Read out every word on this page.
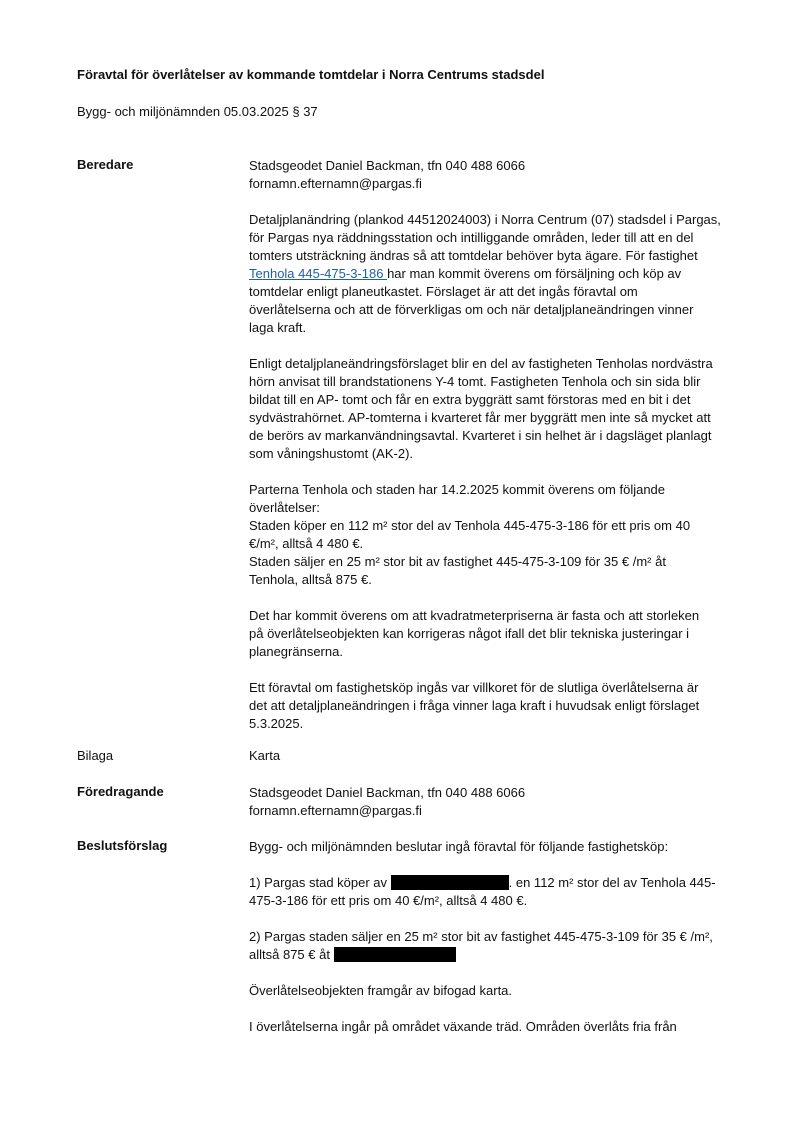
Föravtal för överlåtelser av kommande tomtdelar i Norra Centrums stadsdel
Bygg- och miljönämnden 05.03.2025 § 37
Beredare	Stadsgeodet Daniel Backman, tfn 040 488 6066
fornamn.efternamn@pargas.fi
Detaljplanändring (plankod 44512024003) i Norra Centrum (07) stadsdel i Pargas,
för Pargas nya räddningsstation och intilliggande områden, leder till att en del
tomters utsträckning ändras så att tomtdelar behöver byta ägare. För fastighet
Tenhola 445-475-3-186 har man kommit överens om försäljning och köp av
tomtdelar enligt planeutkastet. Förslaget är att det ingås föravtal om
överlåtelserna och att de förverkligas om och när detaljplaneändringen vinner
laga kraft.
Enligt detaljplaneändringsförslaget blir en del av fastigheten Tenholas nordvästra
hörn anvisat till brandstationens Y-4 tomt. Fastigheten Tenhola och sin sida blir
bildat till en AP- tomt och får en extra byggrätt samt förstoras med en bit i det
sydvästrahörnet. AP-tomterna i kvarteret får mer byggrätt men inte så mycket att
de berörs av markanvändningsavtal. Kvarteret i sin helhet är i dagsläget planlagt
som våningshustomt (AK-2).
Parterna Tenhola och staden har 14.2.2025 kommit överens om följande
överlåtelser:
Staden köper en 112 m² stor del av Tenhola 445-475-3-186 för ett pris om 40
€/m², alltså 4 480 €.
Staden säljer en 25 m² stor bit av fastighet 445-475-3-109 för 35 € /m² åt
Tenhola, alltså 875 €.
Det har kommit överens om att kvadratmeterpriserna är fasta och att storleken
på överlåtelseobjekten kan korrigeras något ifall det blir tekniska justeringar i
planegränserna.
Ett föravtal om fastighetsköp ingås var villkoret för de slutliga överlåtelserna är
det att detaljplaneändringen i fråga vinner laga kraft i huvudsak enligt förslaget
5.3.2025.
Bilaga	Karta
Föredragande	Stadsgeodet Daniel Backman, tfn 040 488 6066
fornamn.efternamn@pargas.fi
Beslutsförslag	Bygg- och miljönämnden beslutar ingå föravtal för följande fastighetsköp:
1) Pargas stad köper av	. en 112 m² stor del av Tenhola 445-
475-3-186 för ett pris om 40 €/m², alltså 4 480 €.
2) Pargas staden säljer en 25 m² stor bit av fastighet 445-475-3-109 för 35 € /m²,
alltså 875 € åt
Överlåtelseobjekten framgår av bifogad karta.
I överlåtelserna ingår på området växande träd. Områden överlåts fria från
